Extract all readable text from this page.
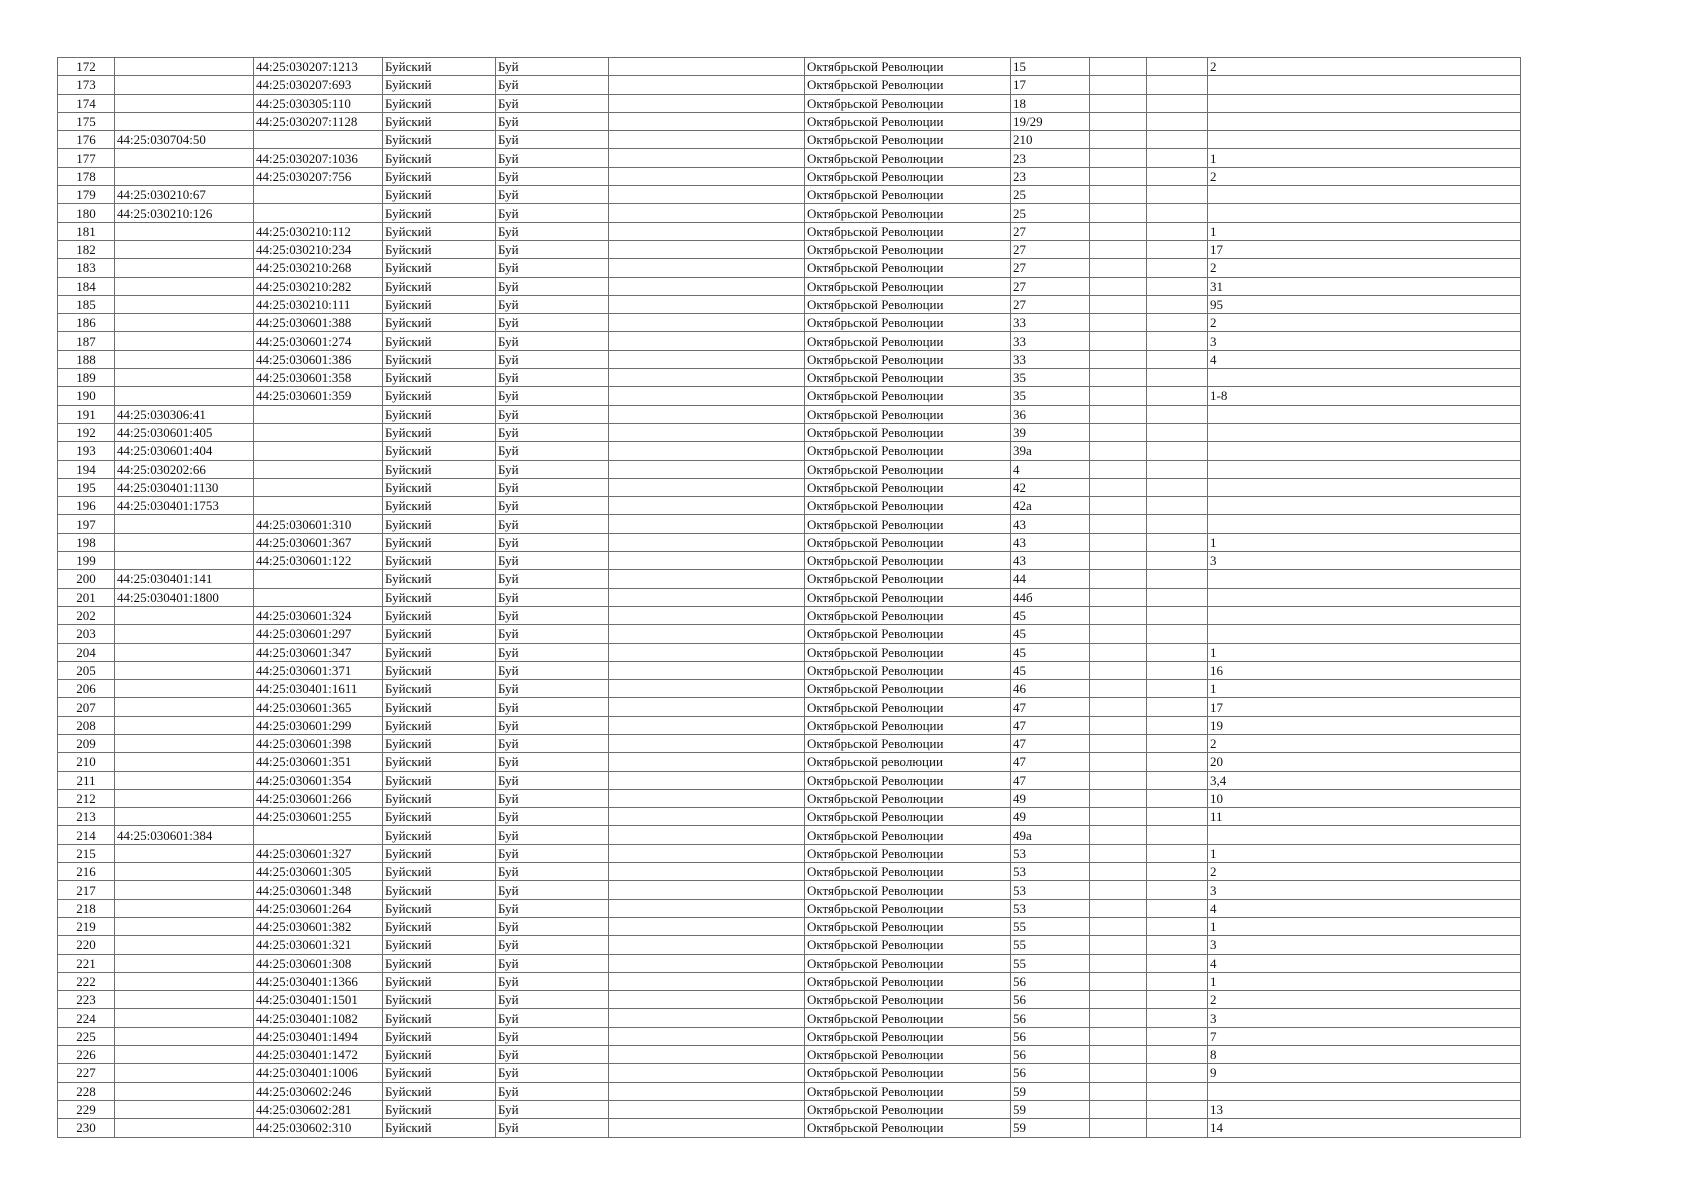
172		44:25:030207:1213	Буйский	Буй		Октябрьской Революции	15			2
173		44:25:030207:693	Буйский	Буй		Октябрьской Революции	17			
174		44:25:030305:110	Буйский	Буй		Октябрьской Революции	18			
175		44:25:030207:1128	Буйский	Буй		Октябрьской Революции	19/29			
176	44:25:030704:50		Буйский	Буй		Октябрьской Революции	210			
177		44:25:030207:1036	Буйский	Буй		Октябрьской Революции	23			1
178		44:25:030207:756	Буйский	Буй		Октябрьской Революции	23			2
179	44:25:030210:67		Буйский	Буй		Октябрьской Революции	25			
180	44:25:030210:126		Буйский	Буй		Октябрьской Революции	25			
181		44:25:030210:112	Буйский	Буй		Октябрьской Революции	27			1
182		44:25:030210:234	Буйский	Буй		Октябрьской Революции	27			17
183		44:25:030210:268	Буйский	Буй		Октябрьской Революции	27			2
184		44:25:030210:282	Буйский	Буй		Октябрьской Революции	27			31
185		44:25:030210:111	Буйский	Буй		Октябрьской Революции	27			95
186		44:25:030601:388	Буйский	Буй		Октябрьской Революции	33			2
187		44:25:030601:274	Буйский	Буй		Октябрьской Революции	33			3
188		44:25:030601:386	Буйский	Буй		Октябрьской Революции	33			4
189		44:25:030601:358	Буйский	Буй		Октябрьской Революции	35			
190		44:25:030601:359	Буйский	Буй		Октябрьской Революции	35			1-8
191	44:25:030306:41		Буйский	Буй		Октябрьской Революции	36			
192	44:25:030601:405		Буйский	Буй		Октябрьской Революции	39			
193	44:25:030601:404		Буйский	Буй		Октябрьской Революции	39а			
194	44:25:030202:66		Буйский	Буй		Октябрьской Революции	4			
195	44:25:030401:1130		Буйский	Буй		Октябрьской Революции	42			
196	44:25:030401:1753		Буйский	Буй		Октябрьской Революции	42а			
197		44:25:030601:310	Буйский	Буй		Октябрьской Революции	43			
198		44:25:030601:367	Буйский	Буй		Октябрьской Революции	43			1
199		44:25:030601:122	Буйский	Буй		Октябрьской Революции	43			3
200	44:25:030401:141		Буйский	Буй		Октябрьской Революции	44			
201	44:25:030401:1800		Буйский	Буй		Октябрьской Революции	44б			
202		44:25:030601:324	Буйский	Буй		Октябрьской Революции	45			
203		44:25:030601:297	Буйский	Буй		Октябрьской Революции	45			
204		44:25:030601:347	Буйский	Буй		Октябрьской Революции	45			1
205		44:25:030601:371	Буйский	Буй		Октябрьской Революции	45			16
206		44:25:030401:1611	Буйский	Буй		Октябрьской Революции	46			1
207		44:25:030601:365	Буйский	Буй		Октябрьской Революции	47			17
208		44:25:030601:299	Буйский	Буй		Октябрьской Революции	47			19
209		44:25:030601:398	Буйский	Буй		Октябрьской Революции	47			2
210		44:25:030601:351	Буйский	Буй		Октябрьской революции	47			20
211		44:25:030601:354	Буйский	Буй		Октябрьской Революции	47			3,4
212		44:25:030601:266	Буйский	Буй		Октябрьской Революции	49			10
213		44:25:030601:255	Буйский	Буй		Октябрьской Революции	49			11
214	44:25:030601:384		Буйский	Буй		Октябрьской Революции	49а			
215		44:25:030601:327	Буйский	Буй		Октябрьской Революции	53			1
216		44:25:030601:305	Буйский	Буй		Октябрьской Революции	53			2
217		44:25:030601:348	Буйский	Буй		Октябрьской Революции	53			3
218		44:25:030601:264	Буйский	Буй		Октябрьской Революции	53			4
219		44:25:030601:382	Буйский	Буй		Октябрьской Революции	55			1
220		44:25:030601:321	Буйский	Буй		Октябрьской Революции	55			3
221		44:25:030601:308	Буйский	Буй		Октябрьской Революции	55			4
222		44:25:030401:1366	Буйский	Буй		Октябрьской Революции	56			1
223		44:25:030401:1501	Буйский	Буй		Октябрьской Революции	56			2
224		44:25:030401:1082	Буйский	Буй		Октябрьской Революции	56			3
225		44:25:030401:1494	Буйский	Буй		Октябрьской Революции	56			7
226		44:25:030401:1472	Буйский	Буй		Октябрьской Революции	56			8
227		44:25:030401:1006	Буйский	Буй		Октябрьской Революции	56			9
228		44:25:030602:246	Буйский	Буй		Октябрьской Революции	59			
229		44:25:030602:281	Буйский	Буй		Октябрьской Революции	59			13
230		44:25:030602:310	Буйский	Буй		Октябрьской Революции	59			14
